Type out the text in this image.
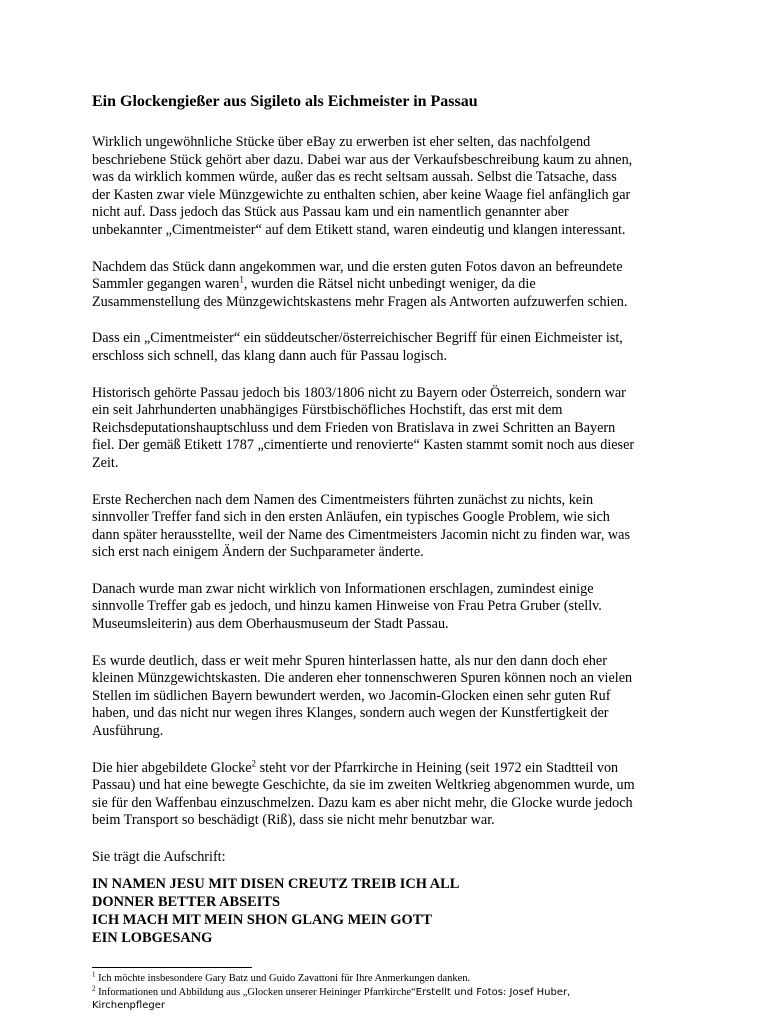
Ein Glockengießer aus Sigileto als Eichmeister in Passau

Wirklich ungewöhnliche Stücke über eBay zu erwerben ist eher selten, das nachfolgend
beschriebene Stück gehört aber dazu. Dabei war aus der Verkaufsbeschreibung kaum zu ahnen,
was da wirklich kommen würde, außer das es recht seltsam aussah. Selbst die Tatsache, dass
der Kasten zwar viele Münzgewichte zu enthalten schien, aber keine Waage fiel anfänglich gar
nicht auf. Dass jedoch das Stück aus Passau kam und ein namentlich genannter aber
unbekannter „Cimentmeister“ auf dem Etikett stand, waren eindeutig und klangen interessant.

Nachdem das Stück dann angekommen war, und die ersten guten Fotos davon an befreundete
Sammler gegangen waren$^1$, wurden die Rätsel nicht unbedingt weniger, da die
Zusammenstellung des Münzgewichtskastens mehr Fragen als Antworten aufzuwerfen schien.

Dass ein „Cimentmeister“ ein süddeutscher/österreichischer Begriff für einen Eichmeister ist,
erschloss sich schnell, das klang dann auch für Passau logisch.

Historisch gehörte Passau jedoch bis 1803/1806 nicht zu Bayern oder Österreich, sondern war
ein seit Jahrhunderten unabhängiges Fürstbischöfliches Hochstift, das erst mit dem
Reichsdeputationshauptschluss und dem Frieden von Bratislava in zwei Schritten an Bayern
fiel. Der gemäß Etikett 1787 „cimentierte und renovierte“ Kasten stammt somit noch aus dieser
Zeit.

Erste Recherchen nach dem Namen des Cimentmeisters führten zunächst zu nichts, kein
sinnvoller Treffer fand sich in den ersten Anläufen, ein typisches Google Problem, wie sich
dann später herausstellte, weil der Name des Cimentmeisters Jacomin nicht zu finden war, was
sich erst nach einigem Ändern der Suchparameter änderte.

Danach wurde man zwar nicht wirklich von Informationen erschlagen, zumindest einige
sinnvolle Treffer gab es jedoch, und hinzu kamen Hinweise von Frau Petra Gruber (stellv.
Museumsleiterin) aus dem Oberhausmuseum der Stadt Passau.

Es wurde deutlich, dass er weit mehr Spuren hinterlassen hatte, als nur den dann doch eher
kleinen Münzgewichtskasten. Die anderen eher tonnenschweren Spuren können noch an vielen
Stellen im südlichen Bayern bewundert werden, wo Jacomin-Glocken einen sehr guten Ruf
haben, und das nicht nur wegen ihres Klanges, sondern auch wegen der Kunstfertigkeit der
Ausführung.

Die hier abgebildete Glocke$^2$ steht vor der Pfarrkirche in Heining (seit 1972 ein Stadtteil von
Passau) und hat eine bewegte Geschichte, da sie im zweiten Weltkrieg abgenommen wurde, um
sie für den Waffenbau einzuschmelzen. Dazu kam es aber nicht mehr, die Glocke wurde jedoch
beim Transport so beschädigt (Riß), dass sie nicht mehr benutzbar war.

Sie trägt die Aufschrift:

IN NAMEN JESU MIT DISEN CREUTZ TREIB ICH ALL
DONNER BETTER ABSEITS
ICH MACH MIT MEIN SHON GLANG MEIN GOTT
EIN LOBGESANG
$^1$ Ich möchte insbesondere Gary Batz und Guido Zavattoni für Ihre Anmerkungen danken.
$^2$ Informationen und Abbildung aus „Glocken unserer Heininger Pfarrkirche“Erstellt und Fotos: Josef Huber,
Kirchenpfleger
